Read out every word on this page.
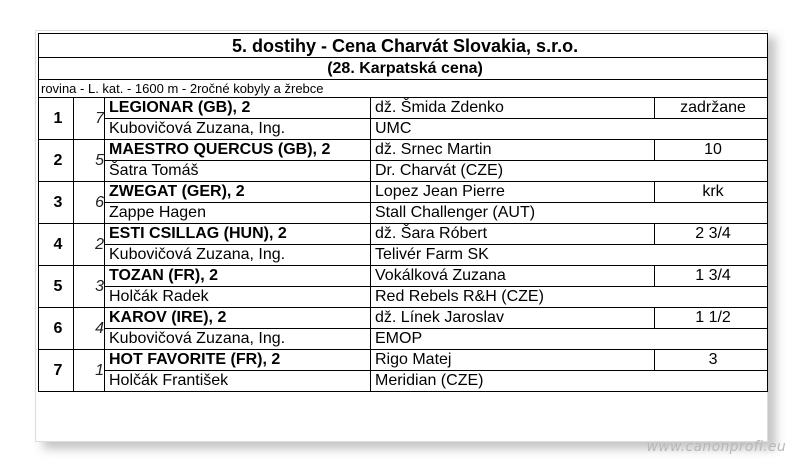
5. dostihy - Cena Charvát Slovakia, s.r.o.				
(28. Karpatská cena)				
rovina - L. kat. - 1600 m - 2ročné kobyly a žrebce				
1	7	LEGIONAR (GB), 2	dž. Šmida Zdenko	zadržane
		Kubovičová Zuzana, Ing.	UMC	
2	5	MAESTRO QUERCUS (GB), 2	dž. Srnec Martin	10
		Šatra Tomáš	Dr. Charvát (CZE)	
3	6	ZWEGAT (GER), 2	Lopez Jean Pierre	krk
		Zappe Hagen	Stall Challenger (AUT)	
4	2	ESTI CSILLAG (HUN), 2	dž. Šara Róbert	2 3/4
		Kubovičová Zuzana, Ing.	Telivér Farm SK	
5	3	TOZAN (FR), 2	Vokálková Zuzana	1 3/4
		Holčák Radek	Red Rebels R&H (CZE)	
6	4	KAROV (IRE), 2	dž. Línek Jaroslav	1 1/2
		Kubovičová Zuzana, Ing.	EMOP	
7	1	HOT FAVORITE (FR), 2	Rigo Matej	3
		Holčák František	Meridian (CZE)	
www.canonprofi.eu
